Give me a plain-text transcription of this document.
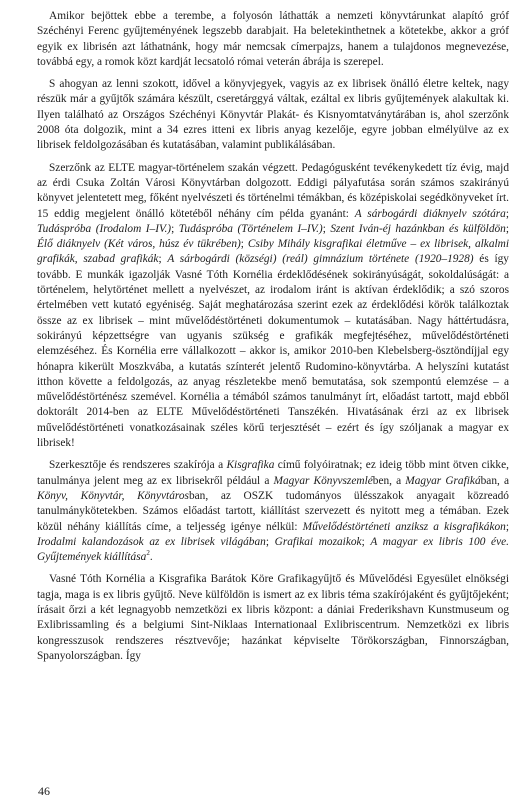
Amikor bejöttek ebbe a terembe, a folyosón láthatták a nemzeti könyvtárunkat alapító gróf Széchényi Ferenc gyűjteményének legszebb darabjait. Ha beletekinthetnek a kötetekbe, akkor a gróf egyik ex librisén azt láthatnánk, hogy már nemcsak címerpajzs, hanem a tulajdonos megnevezése, továbbá egy, a romok közt kardját lecsatoló római veterán ábrája is szerepel.

S ahogyan az lenni szokott, idővel a könyvjegyek, vagyis az ex librisek önálló életre keltek, nagy részük már a gyűjtők számára készült, cseretárggyá váltak, ezáltal ex libris gyűjtemények alakultak ki. Ilyen található az Országos Széchényi Könyvtár Plakát- és Kisnyomtatványtárában is, ahol szerzőnk 2008 óta dolgozik, mint a 34 ezres itteni ex libris anyag kezelője, egyre jobban elmélyülve az ex librisek feldolgozásában és kutatásában, valamint publikálásában.

Szerzőnk az ELTE magyar-történelem szakán végzett. Pedagógusként tevékenykedett tíz évig, majd az érdi Csuka Zoltán Városi Könyvtárban dolgozott. Eddigi pályafutása során számos szakirányú könyvet jelentetett meg, főként nyelvészeti és történelmi témákban, és középiskolai segédkönyveket írt. 15 eddig megjelent önálló kötetéből néhány cím példa gyanánt: A sárbogárdi diáknyelv szótára; Tudáspróba (Irodalom I–IV.); Tudáspróba (Történelem I–IV.); Szent Iván-éj hazánkban és külföldön; Élő diáknyelv (Két város, húsz év tükrében); Csiby Mihály kisgrafikai életműve – ex librisek, alkalmi grafikák, szabad grafikák; A sárbogárdi (községi) (reál) gimnázium története (1920–1928) és így tovább. E munkák igazolják Vasné Tóth Kornélia érdeklődésének sokirányúságát, sokoldalúságát: a történelem, helytörténet mellett a nyelvészet, az irodalom iránt is aktívan érdeklődik; a szó szoros értelmében vett kutató egyéniség. Saját meghatározása szerint ezek az érdeklődési körök találkoztak össze az ex librisek – mint művelődéstörténeti dokumentumok – kutatásában. Nagy háttértudásra, sokirányú képzettségre van ugyanis szükség e grafikák megfejtéséhez, művelődéstörténeti elemzéséhez. És Kornélia erre vállalkozott – akkor is, amikor 2010-ben Klebelsberg-ösztöndíjjal egy hónapra kikerült Moszkvába, a kutatás színterét jelentő Rudomino-könyvtárba. A helyszíni kutatást itthon követte a feldolgozás, az anyag részletekbe menő bemutatása, sok szempontú elemzése – a művelődéstörténész szemével. Kornélia a témából számos tanulmányt írt, előadást tartott, majd ebből doktorált 2014-ben az ELTE Művelődéstörténeti Tanszékén. Hivatásának érzi az ex librisek művelődéstörténeti vonatkozásainak széles körű terjesztését – ezért és így szóljanak a magyar ex librisek!

Szerkesztője és rendszeres szakírója a Kisgrafika című folyóiratnak; ez ideig több mint ötven cikke, tanulmánya jelent meg az ex librisekről például a Magyar Könyvszemlében, a Magyar Grafikában, a Könyv, Könyvtár, Könyvtárosban, az OSZK tudományos ülésszakok anyagait közreadó tanulmánykötetekben. Számos előadást tartott, kiállítást szervezett és nyitott meg a témában. Ezek közül néhány kiállítás címe, a teljesség igénye nélkül: Művelődéstörténeti anziksz a kisgrafikákon; Irodalmi kalandozások az ex librisek világában; Grafikai mozaikok; A magyar ex libris 100 éve. Gyűjtemények kiállítása$^2$.

Vasné Tóth Kornélia a Kisgrafika Barátok Köre Grafikagyűjtő és Művelődési Egyesület elnökségi tagja, maga is ex libris gyűjtő. Neve külföldön is ismert az ex libris téma szakírójaként és gyűjtőjeként; írásait őrzi a két legnagyobb nemzetközi ex libris központ: a dániai Frederikshavn Kunstmuseum og Exlibrissamling és a belgiumi Sint-Niklaas Internationaal Exlibriscentrum. Nemzetközi ex libris kongresszusok rendszeres résztvevője; hazánkat képviselte Törökországban, Finnországban, Spanyolországban. Így

46
